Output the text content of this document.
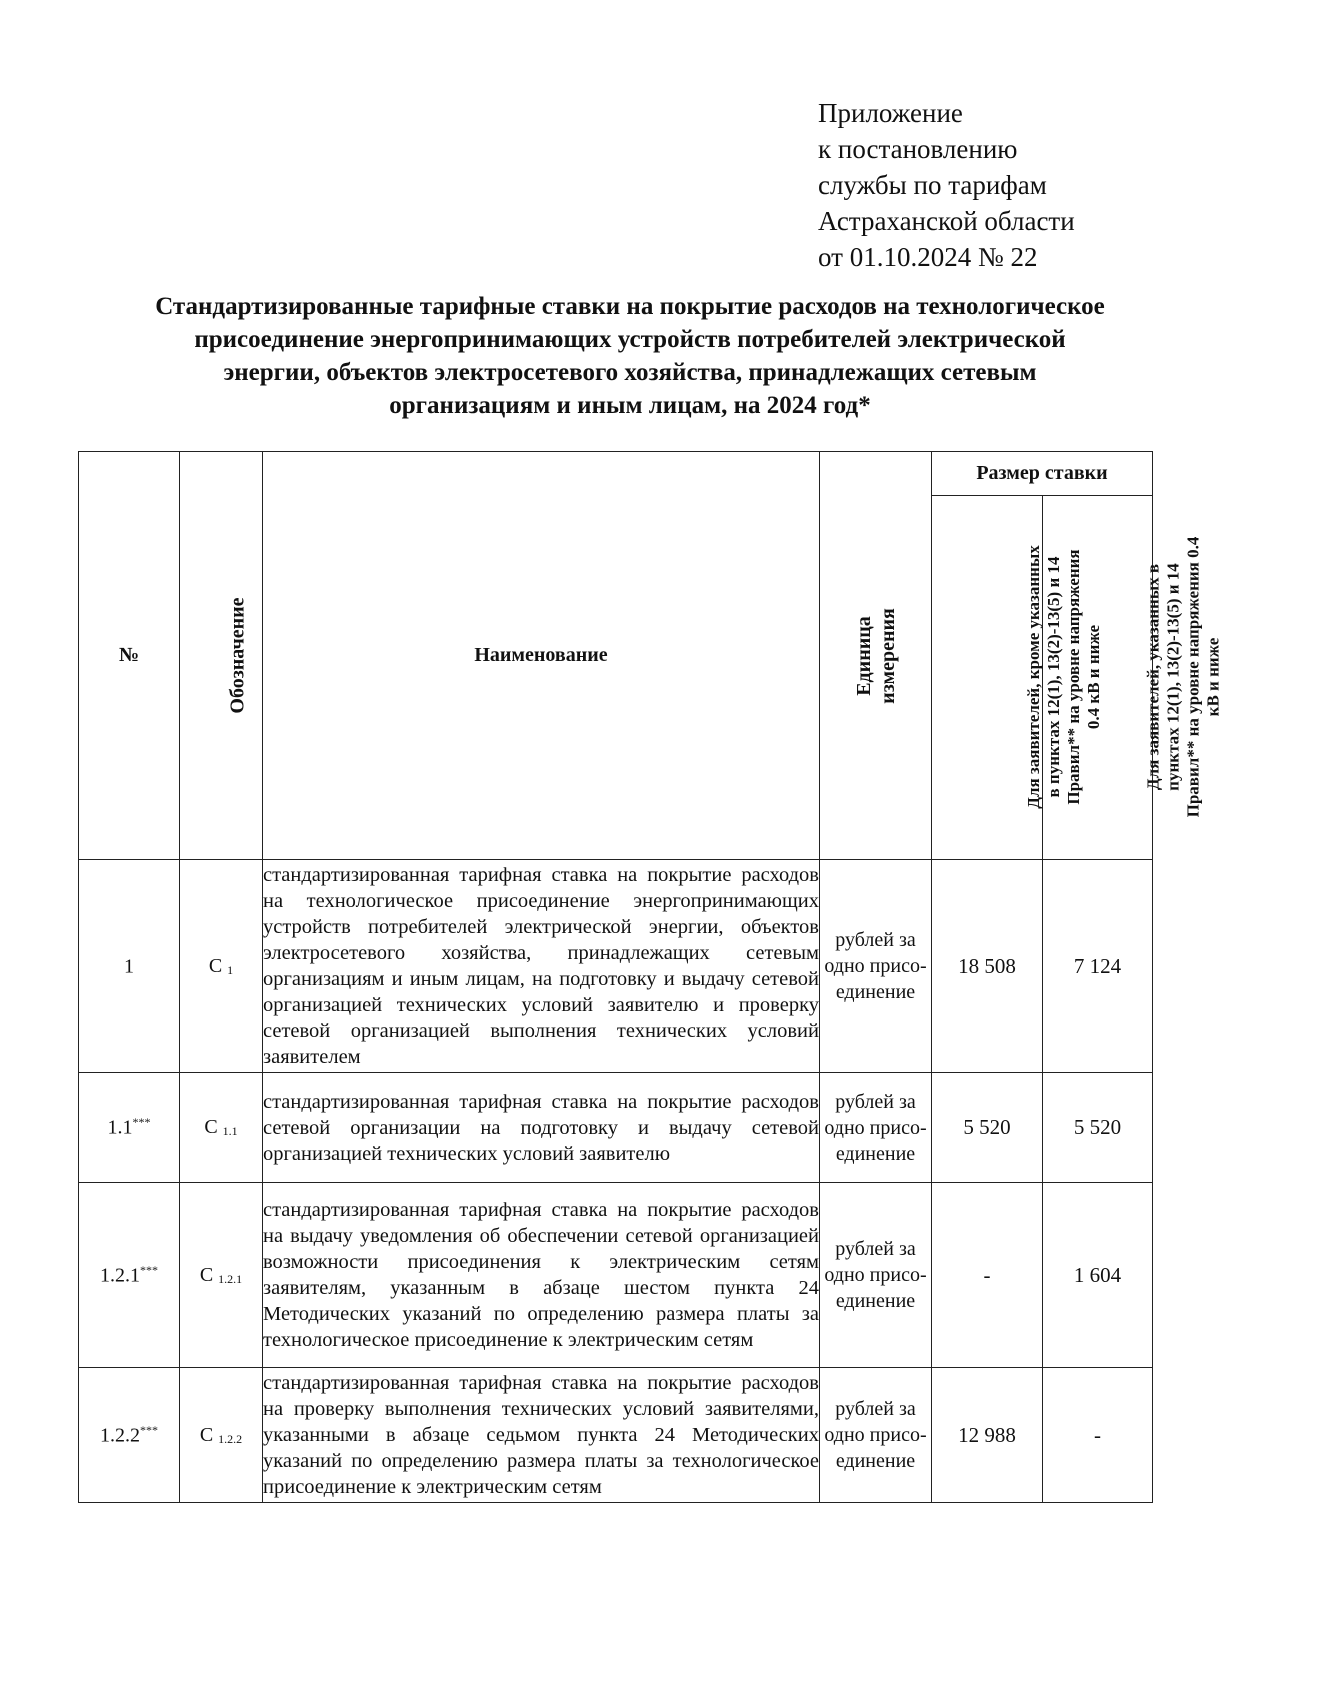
Приложение
к постановлению
службы по тарифам
Астраханской области
от 01.10.2024 № 22
Стандартизированные тарифные ставки на покрытие расходов на технологическое присоединение энергопринимающих устройств потребителей электрической энергии, объектов электросетевого хозяйства, принадлежащих сетевым организациям и иным лицам, на 2024 год*
№	Обозначение	Наименование	Единица измерения	Размер ставки	
				Для заявителей, кроме указанных
в пунктах 12(1), 13(2)-13(5) и 14
Правил** на уровне напряжения
0.4 кВ и ниже	Для заявителей, указанных в
пунктах 12(1), 13(2)-13(5) и 14
Правил** на уровне напряжения 0.4
кВ и ниже
1	С $_1$	стандартизированная тарифная ставка на покрытие расходов на технологическое присоединение энергопринимающих устройств потребителей электрической энергии, объектов электросетевого хозяйства, принадлежащих сетевым организациям и иным лицам, на подготовку и выдачу сетевой организацией технических условий заявителю и проверку сетевой организацией выполнения технических условий заявителем	рублей за одно присо-единение	18 508	7 124
1.1***	С $_{1.1}$	стандартизированная тарифная ставка на покрытие расходов сетевой организации на подготовку и выдачу сетевой организацией технических условий заявителю	рублей за одно присо-единение	5 520	5 520
1.2.1***	С $_{1.2.1}$	стандартизированная тарифная ставка на покрытие расходов на выдачу уведомления об обеспечении сетевой организацией возможности присоединения к электрическим сетям заявителям, указанным в абзаце шестом пункта 24 Методических указаний по определению размера платы за технологическое присоединение к электрическим сетям	рублей за одно присо-единение	-	1 604
1.2.2***	С $_{1.2.2}$	стандартизированная тарифная ставка на покрытие расходов на проверку выполнения технических условий заявителями, указанными в абзаце седьмом пункта 24 Методических указаний по определению размера платы за технологическое присоединение к электрическим сетям	рублей за одно присо-единение	12 988	-
